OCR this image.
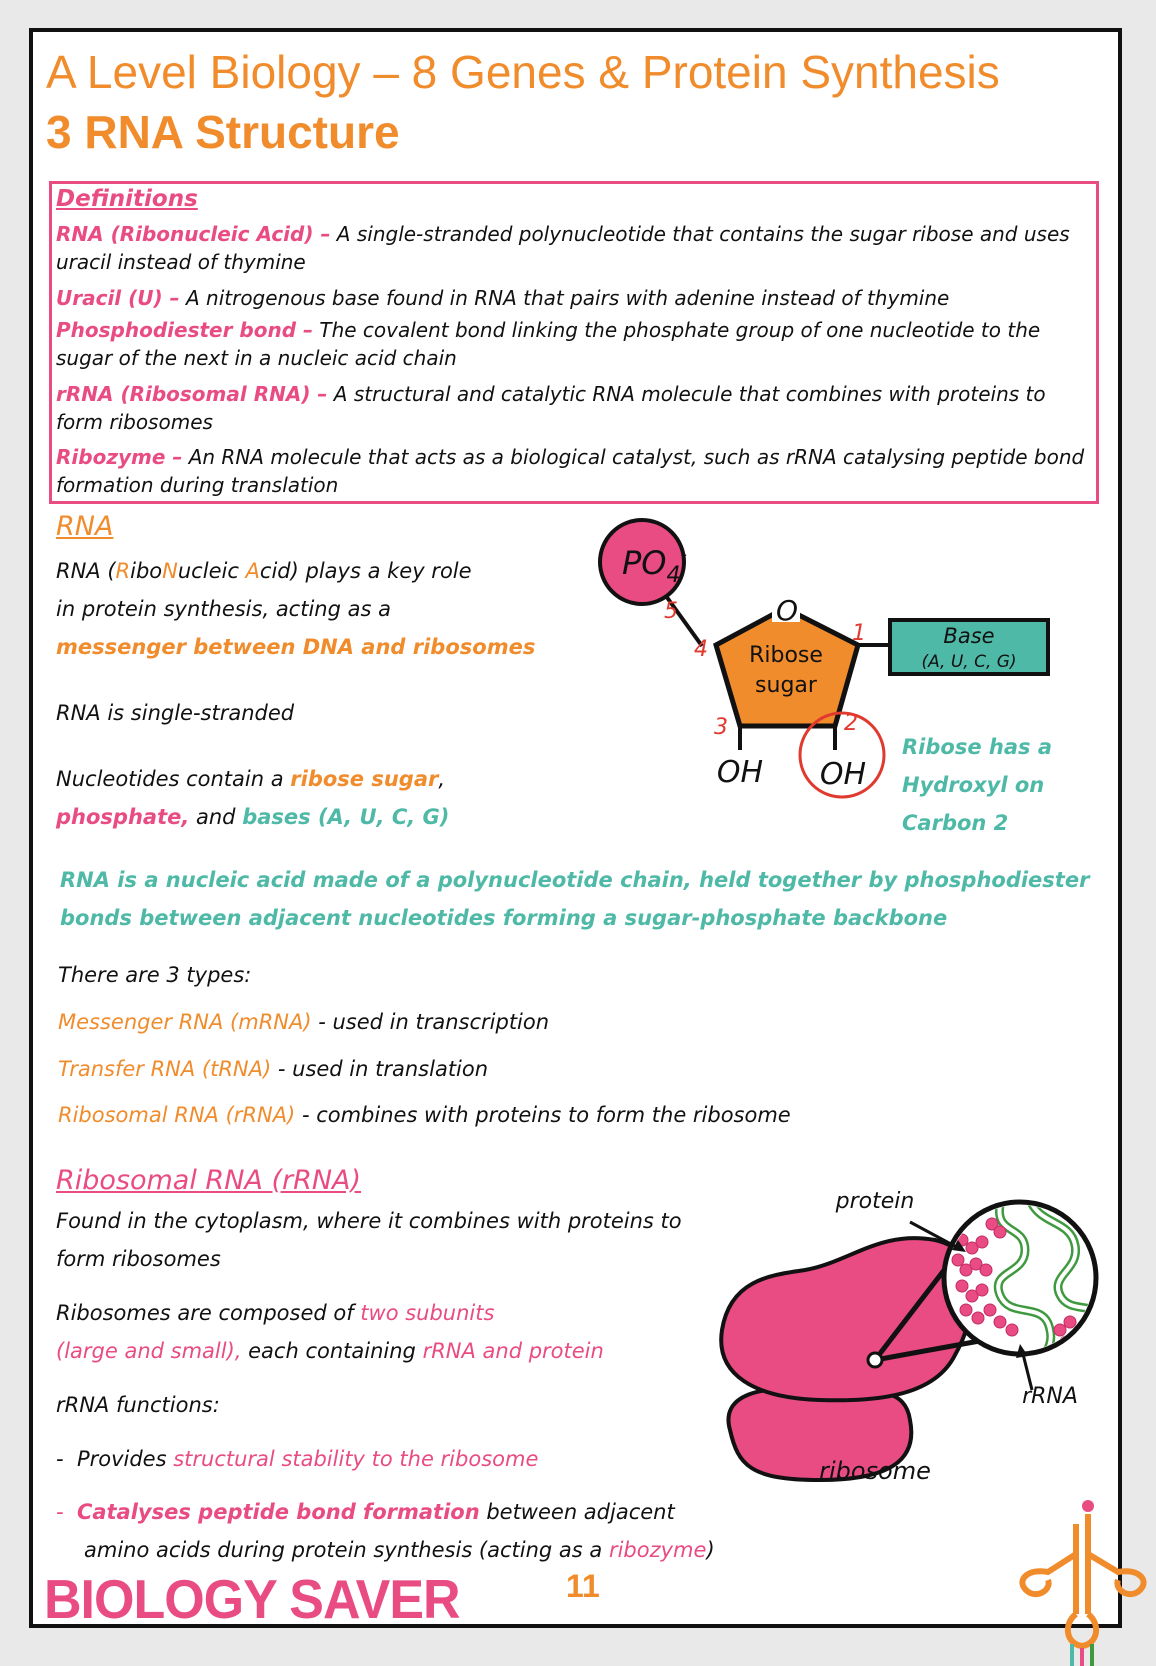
A Level Biology – 8 Genes & Protein Synthesis
3 RNA Structure
Definitions
RNA (Ribonucleic Acid) – A single-stranded polynucleotide that contains the sugar ribose and uses uracil instead of thymine
Uracil (U) – A nitrogenous base found in RNA that pairs with adenine instead of thymine
Phosphodiester bond – The covalent bond linking the phosphate group of one nucleotide to the sugar of the next in a nucleic acid chain
rRNA (Ribosomal RNA) – A structural and catalytic RNA molecule that combines with proteins to form ribosomes
Ribozyme – An RNA molecule that acts as a biological catalyst, such as rRNA catalysing peptide bond formation during translation
RNA
RNA (RiboNucleic Acid) plays a key role
in protein synthesis, acting as a
messenger between DNA and ribosomes
RNA is single-stranded
Nucleotides contain a ribose sugar,
phosphate, and bases (A, U, C, G)
$PO_4^-$
O
Ribose
sugar
Base
(A, U, C, G)
OH OH
1
2
3
4
5
Ribose has a
Hydroxyl on
Carbon 2
RNA is a nucleic acid made of a polynucleotide chain, held together by phosphodiester
bonds between adjacent nucleotides forming a sugar-phosphate backbone
There are 3 types:
Messenger RNA (mRNA) - used in transcription
Transfer RNA (tRNA) - used in translation
Ribosomal RNA (rRNA) - combines with proteins to form the ribosome
Ribosomal RNA (rRNA)
Found in the cytoplasm, where it combines with proteins to
form ribosomes
Ribosomes are composed of two subunits
(large and small), each containing rRNA and protein
rRNA functions:
- Provides structural stability to the ribosome
- Catalyses peptide bond formation between adjacent
amino acids during protein synthesis (acting as a ribozyme)
ribosome
protein
rRNA
BIOLOGY SAVER	11
